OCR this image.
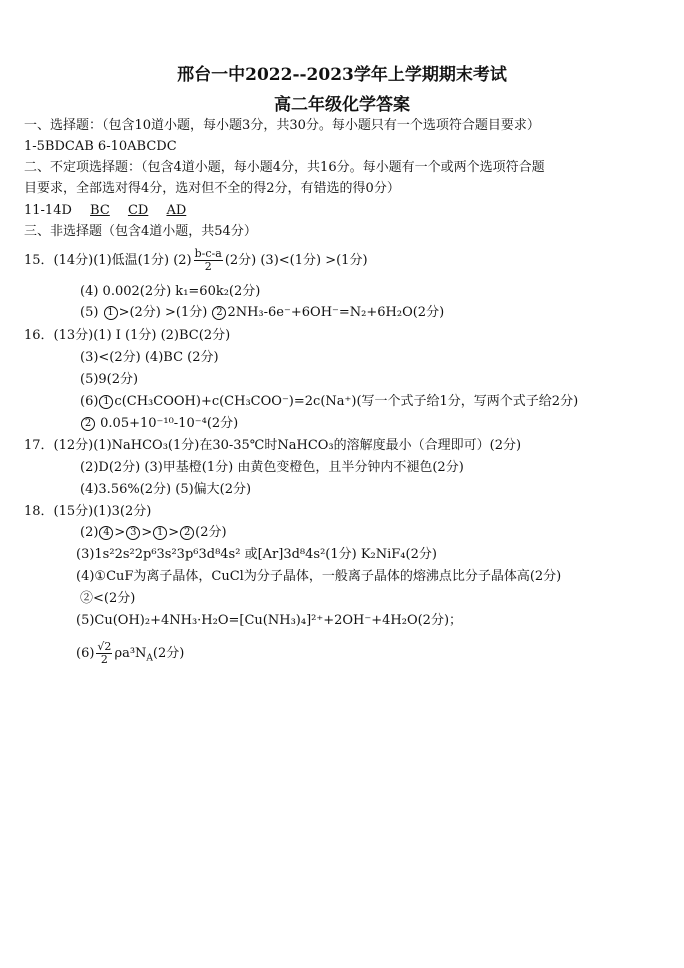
邢台一中2022--2023学年上学期期末考试
高二年级化学答案
一、选择题：（包含10道小题，每小题3分，共30分。每小题只有一个选项符合题目要求）
1-5BDCAB 6-10ABCDC
二、不定项选择题：（包含4道小题，每小题4分，共16分。每小题有一个或两个选项符合题
目要求，全部选对得4分，选对但不全的得2分，有错选的得0分）
11-14D BC CD AD
三、非选择题（包含4道小题，共54分）
15．(14分)(1)低温(1分) $(2) \frac{b-c-a}{2} (2$分) (3)<(1分) >(1分)
(4) 0.002(2分) k₁=60k₂(2分)
(5) 1 >(2分) >(1分) 2 2NH₃-6e⁻+6OH⁻=N₂+6H₂O(2分)
16．(13分)(1) I (1分) (2)BC(2分)
(3)<(2分) (4)BC (2分)
(5)9(2分)
(6) 1 c(CH₃COOH)+c(CH₃COO⁻)=2c(Na⁺)(写一个式子给1分，写两个式子给2分)
2 0.05+10⁻¹⁰-10⁻⁴(2分)
17．(12分)(1)NaHCO₃(1分)在30-35℃时NaHCO₃的溶解度最小（合理即可）(2分)
(2)D(2分) (3)甲基橙(1分) 由黄色变橙色，且半分钟内不褪色(2分)
(4)3.56%(2分) (5)偏大(2分)
18．(15分)(1)3(2分)
(2) 4 > 3 > 1 > 2 (2分)
(3)1s²2s²2p⁶3s²3p⁶3d⁸4s² 或[Ar]3d⁸4s²(1分) K₂NiF₄(2分)
(4)①CuF为离子晶体，CuCl为分子晶体，一般离子晶体的熔沸点比分子晶体高(2分)
②<(2分)
(5)Cu(OH)₂+4NH₃·H₂O=[Cu(NH₃)₄]²⁺+2OH⁻+4H₂O(2分)；
$(6) \frac{√2}{2} \rho a^3N_A(2$分)
